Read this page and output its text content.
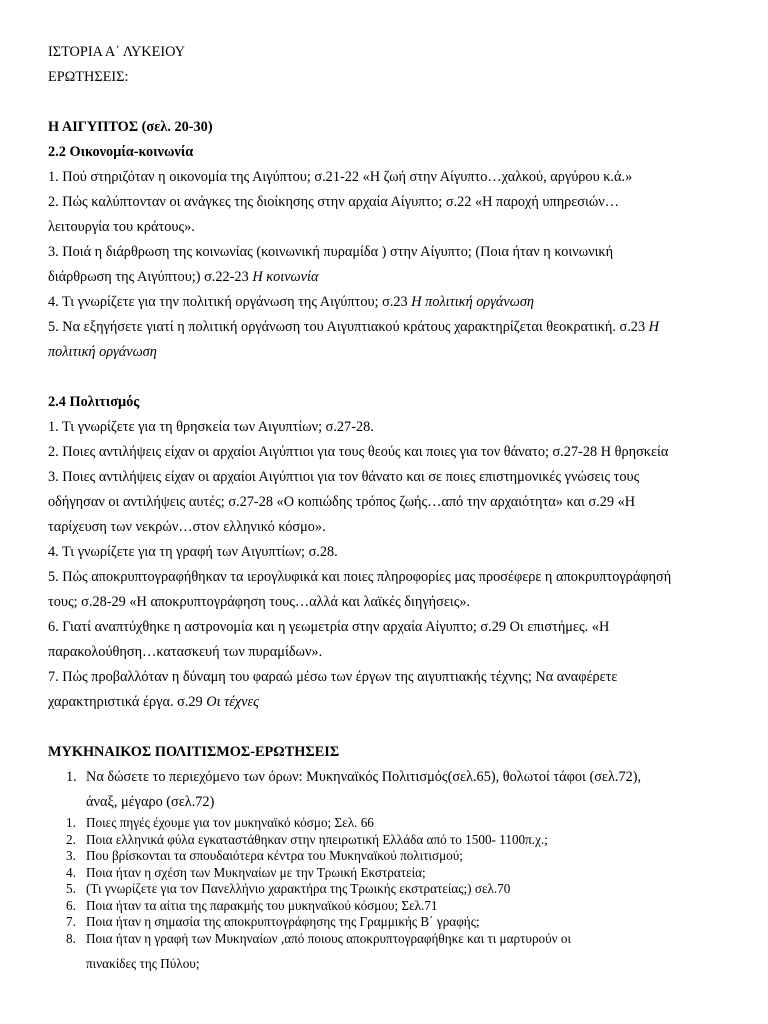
ΙΣΤΟΡΙΑ Α΄ ΛΥΚΕΙΟΥ
ΕΡΩΤΗΣΕΙΣ:
Η ΑΙΓΥΠΤΟΣ (σελ. 20-30)
2.2 Οικονομία-κοινωνία
1. Πού στηριζόταν η οικονομία της Αιγύπτου; σ.21-22 «Η ζωή στην Αίγυπτο…χαλκού, αργύρου κ.ά.»
2. Πώς καλύπτονταν οι ανάγκες της διοίκησης στην αρχαία Αίγυπτο; σ.22 «Η παροχή υπηρεσιών…
λειτουργία του κράτους».
3. Ποιά η διάρθρωση της κοινωνίας (κοινωνική πυραμίδα ) στην Αίγυπτο; (Ποια ήταν η κοινωνική
διάρθρωση της Αιγύπτου;) σ.22-23 Η κοινωνία
4. Τι γνωρίζετε για την πολιτική οργάνωση της Αιγύπτου; σ.23 Η πολιτική οργάνωση
5. Να εξηγήσετε γιατί η πολιτική οργάνωση του Αιγυπτιακού κράτους χαρακτηρίζεται θεοκρατική. σ.23 Η
πολιτική οργάνωση
2.4 Πολιτισμός
1. Τι γνωρίζετε για τη θρησκεία των Αιγυπτίων; σ.27-28.
2. Ποιες αντιλήψεις είχαν οι αρχαίοι Αιγύπτιοι για τους θεούς και ποιες για τον θάνατο; σ.27-28 Η θρησκεία
3. Ποιες αντιλήψεις είχαν οι αρχαίοι Αιγύπτιοι για τον θάνατο και σε ποιες επιστημονικές γνώσεις τους
οδήγησαν οι αντιλήψεις αυτές; σ.27-28 «Ο κοπιώδης τρόπος ζωής…από την αρχαιότητα» και σ.29 «Η
ταρίχευση των νεκρών…στον ελληνικό κόσμο».
4. Τι γνωρίζετε για τη γραφή των Αιγυπτίων; σ.28.
5. Πώς αποκρυπτογραφήθηκαν τα ιερογλυφικά και ποιες πληροφορίες μας προσέφερε η αποκρυπτογράφησή
τους; σ.28-29 «Η αποκρυπτογράφηση τους…αλλά και λαϊκές διηγήσεις».
6. Γιατί αναπτύχθηκε η αστρονομία και η γεωμετρία στην αρχαία Αίγυπτο; σ.29 Οι επιστήμες. «Η
παρακολούθηση…κατασκευή των πυραμίδων».
7. Πώς προβαλλόταν η δύναμη του φαραώ μέσω των έργων της αιγυπτιακής τέχνης; Να αναφέρετε
χαρακτηριστικά έργα. σ.29 Οι τέχνες
ΜΥΚΗΝΑΙΚΟΣ ΠΟΛΙΤΙΣΜΟΣ-ΕΡΩΤΗΣΕΙΣ
1. Να δώσετε το περιεχόμενο των όρων: Μυκηναϊκός Πολιτισμός(σελ.65), θολωτοί τάφοι (σελ.72),
άναξ, μέγαρο (σελ.72)
1. Ποιες πηγές έχουμε για τον μυκηναϊκό κόσμο; Σελ. 66
2. Ποια ελληνικά φύλα εγκαταστάθηκαν στην ηπειρωτική Ελλάδα από το 1500- 1100π.χ.;
3. Που βρίσκονται τα σπουδαιότερα κέντρα του Μυκηναϊκού πολιτισμού;
4. Ποια ήταν η σχέση των Μυκηναίων με την Τρωική Εκστρατεία;
5. (Τι γνωρίζετε για τον Πανελλήνιο χαρακτήρα της Τρωικής εκστρατείας;) σελ.70
6. Ποια ήταν τα αίτια της παρακμής του μυκηναϊκού κόσμου; Σελ.71
7. Ποια ήταν η σημασία της αποκρυπτογράφησης της Γραμμικής Β΄ γραφής;
8. Ποια ήταν η γραφή των Μυκηναίων ,από ποιους αποκρυπτογραφήθηκε και τι μαρτυρούν οι
πινακίδες της Πύλου;
